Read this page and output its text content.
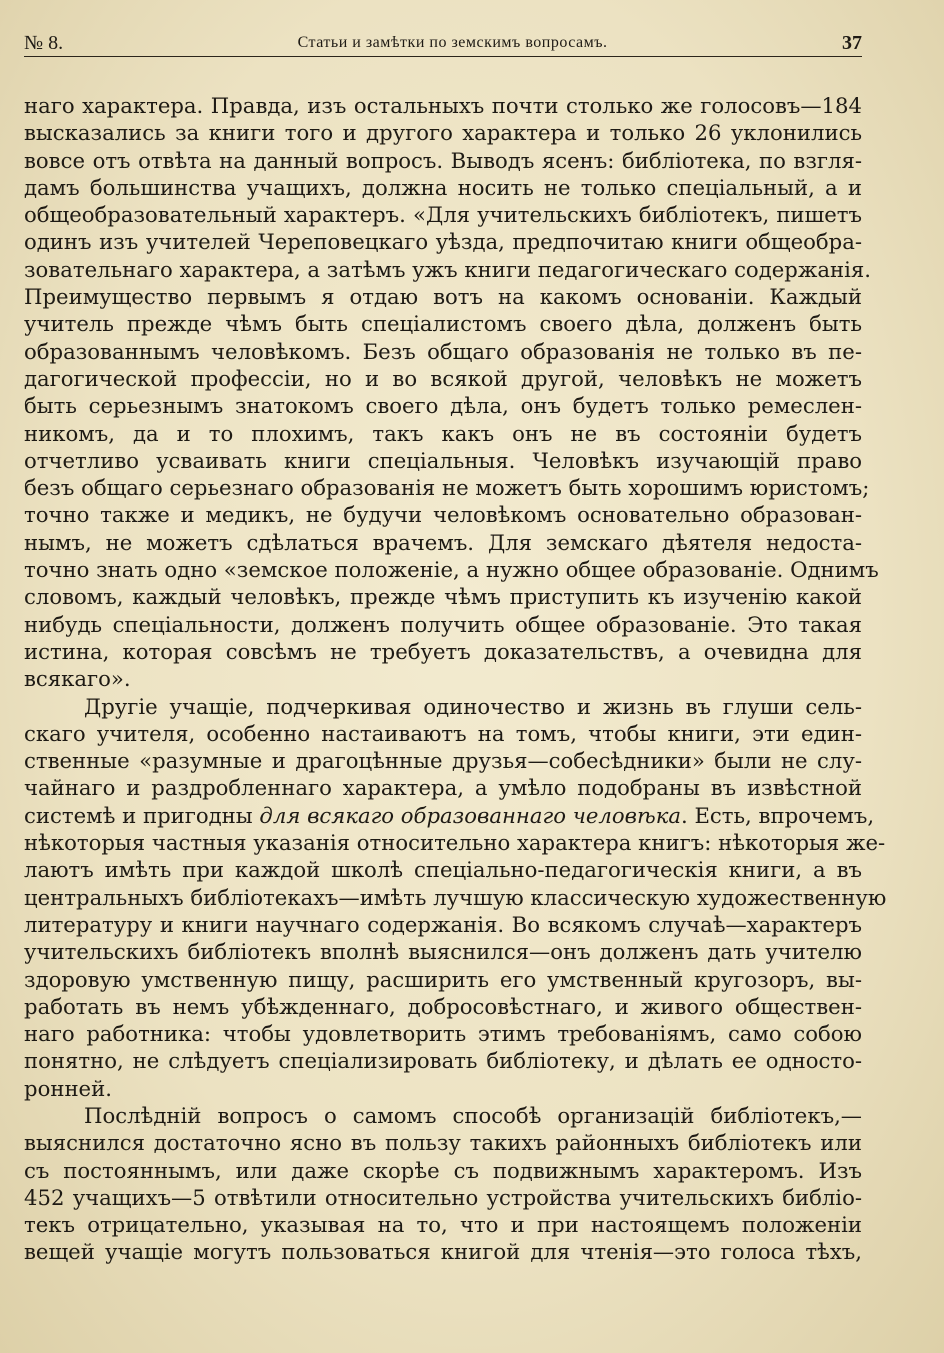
№ 8.	Статьи и замѣтки по земскимъ вопросамъ.	37
наго характера. Правда, изъ остальныхъ почти столько же голосовъ—184
высказались за книги того и другого характера и только 26 уклонились
вовсе отъ отвѣта на данный вопросъ. Выводъ ясенъ: библіотека, по взгля-
дамъ большинства учащихъ, должна носить не только спеціальный, а и
общеобразовательный характеръ. «Для учительскихъ библіотекъ, пишетъ
одинъ изъ учителей Череповецкаго уѣзда, предпочитаю книги общеобра-
зовательнаго характера, а затѣмъ ужъ книги педагогическаго содержанія.
Преимущество первымъ я отдаю вотъ на какомъ основаніи. Каждый
учитель прежде чѣмъ быть спеціалистомъ своего дѣла, долженъ быть
образованнымъ человѣкомъ. Безъ общаго образованія не только въ пе-
дагогической профессіи, но и во всякой другой, человѣкъ не можетъ
быть серьезнымъ знатокомъ своего дѣла, онъ будетъ только ремеслен-
никомъ, да и то плохимъ, такъ какъ онъ не въ состояніи будетъ
отчетливо усваивать книги спеціальныя. Человѣкъ изучающій право
безъ общаго серьезнаго образованія не можетъ быть хорошимъ юристомъ;
точно также и медикъ, не будучи человѣкомъ основательно образован-
нымъ, не можетъ сдѣлаться врачемъ. Для земскаго дѣятеля недоста-
точно знать одно «земское положеніе, а нужно общее образованіе. Однимъ
словомъ, каждый человѣкъ, прежде чѣмъ приступить къ изученію какой
нибудь спеціальности, долженъ получить общее образованіе. Это такая
истина, которая совсѣмъ не требуетъ доказательствъ, а очевидна для
всякаго».
Другіе учащіе, подчеркивая одиночество и жизнь въ глуши сель-
скаго учителя, особенно настаиваютъ на томъ, чтобы книги, эти един-
ственные «разумные и драгоцѣнные друзья—собесѣдники» были не слу-
чайнаго и раздробленнаго характера, а умѣло подобраны въ извѣстной
системѣ и пригодны для всякаго образованнаго человѣка. Есть, впрочемъ,
нѣкоторыя частныя указанія относительно характера книгъ: нѣкоторыя же-
лаютъ имѣть при каждой школѣ спеціально-педагогическія книги, а въ
центральныхъ библіотекахъ—имѣть лучшую классическую художественную
литературу и книги научнаго содержанія. Во всякомъ случаѣ—характеръ
учительскихъ библіотекъ вполнѣ выяснился—онъ долженъ дать учителю
здоровую умственную пищу, расширить его умственный кругозоръ, вы-
работать въ немъ убѣжденнаго, добросовѣстнаго, и живого обществен-
наго работника: чтобы удовлетворить этимъ требованіямъ, само собою
понятно, не слѣдуетъ спеціализировать библіотеку, и дѣлать ее односто-
ронней.
Послѣдній вопросъ о самомъ способѣ организацій библіотекъ,—
выяснился достаточно ясно въ пользу такихъ районныхъ библіотекъ или
съ постояннымъ, или даже скорѣе съ подвижнымъ характеромъ. Изъ
452 учащихъ—5 отвѣтили относительно устройства учительскихъ библіо-
текъ отрицательно, указывая на то, что и при настоящемъ положеніи
вещей учащіе могутъ пользоваться книгой для чтенія—это голоса тѣхъ,
